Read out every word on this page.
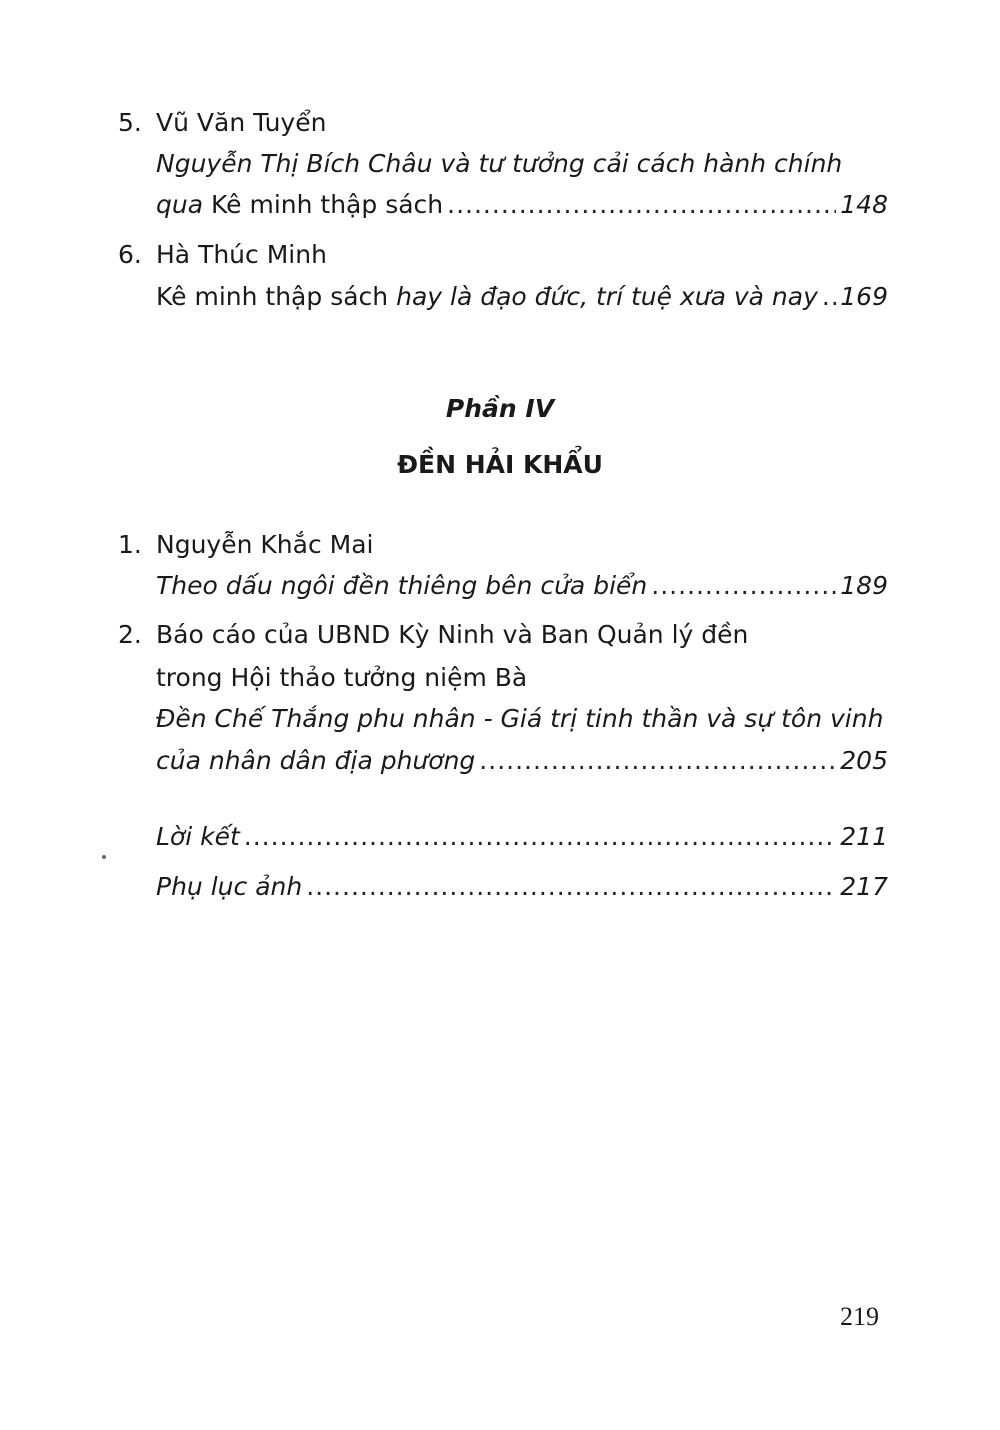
5. Vũ Văn Tuyển
Nguyễn Thị Bích Châu và tư tưởng cải cách hành chính
qua Kê minh thập sách .....	148
6. Hà Thúc Minh
Kê minh thập sách hay là đạo đức, trí tuệ xưa và nay ..... 169
Phần IV
ĐỀN HẢI KHẨU
1. Nguyễn Khắc Mai
Theo dấu ngôi đền thiêng bên cửa biển .....	189
2. Báo cáo của UBND Kỳ Ninh và Ban Quản lý đền
trong Hội thảo tưởng niệm Bà
Đền Chế Thắng phu nhân - Giá trị tinh thần và sự tôn vinh
của nhân dân địa phương .....	205
Lời kết .....	211
Phụ lục ảnh .....	217
219
